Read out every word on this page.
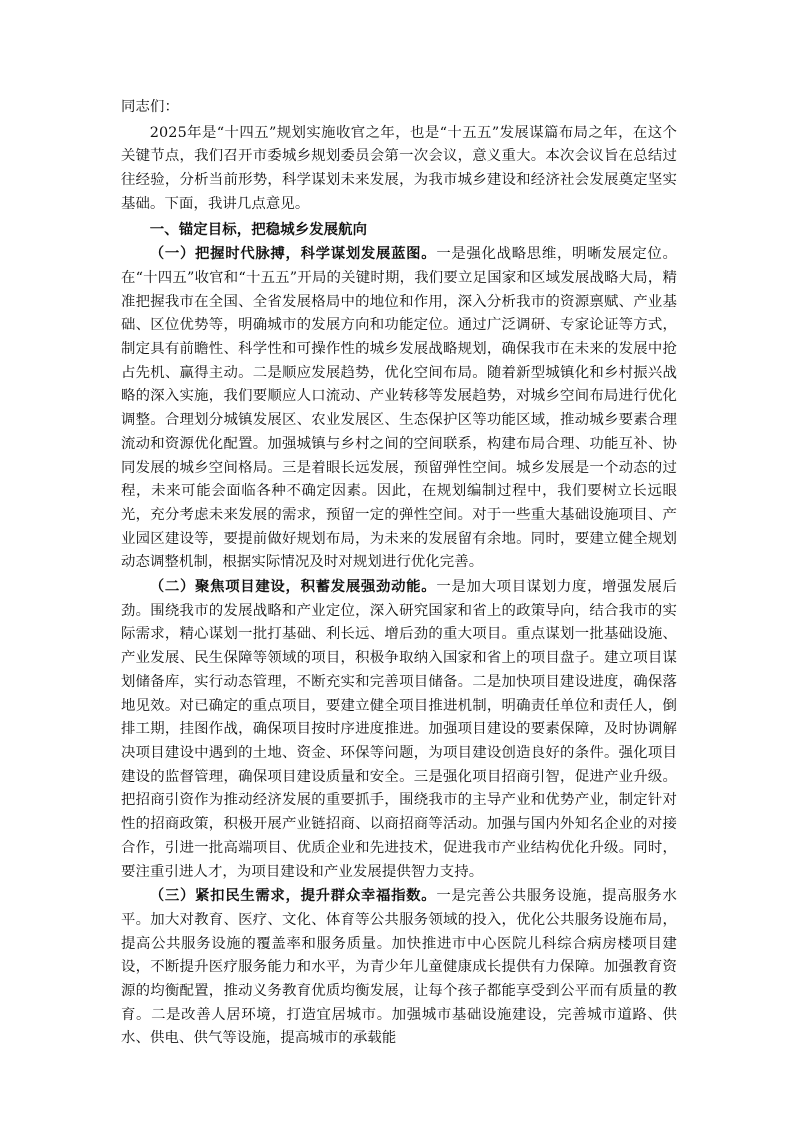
同志们：

2025年是“十四五”规划实施收官之年，也是“十五五”发展谋篇布局之年，在这个关键节点，我们召开市委城乡规划委员会第一次会议，意义重大。本次会议旨在总结过往经验，分析当前形势，科学谋划未来发展，为我市城乡建设和经济社会发展奠定坚实基础。下面，我讲几点意见。

一、锚定目标，把稳城乡发展航向

（一）把握时代脉搏，科学谋划发展蓝图。一是强化战略思维，明晰发展定位。在“十四五”收官和“十五五”开局的关键时期，我们要立足国家和区域发展战略大局，精准把握我市在全国、全省发展格局中的地位和作用，深入分析我市的资源禀赋、产业基础、区位优势等，明确城市的发展方向和功能定位。通过广泛调研、专家论证等方式，制定具有前瞻性、科学性和可操作性的城乡发展战略规划，确保我市在未来的发展中抢占先机、赢得主动。二是顺应发展趋势，优化空间布局。随着新型城镇化和乡村振兴战略的深入实施，我们要顺应人口流动、产业转移等发展趋势，对城乡空间布局进行优化调整。合理划分城镇发展区、农业发展区、生态保护区等功能区域，推动城乡要素合理流动和资源优化配置。加强城镇与乡村之间的空间联系，构建布局合理、功能互补、协同发展的城乡空间格局。三是着眼长远发展，预留弹性空间。城乡发展是一个动态的过程，未来可能会面临各种不确定因素。因此，在规划编制过程中，我们要树立长远眼光，充分考虑未来发展的需求，预留一定的弹性空间。对于一些重大基础设施项目、产业园区建设等，要提前做好规划布局，为未来的发展留有余地。同时，要建立健全规划动态调整机制，根据实际情况及时对规划进行优化完善。

（二）聚焦项目建设，积蓄发展强劲动能。一是加大项目谋划力度，增强发展后劲。围绕我市的发展战略和产业定位，深入研究国家和省上的政策导向，结合我市的实际需求，精心谋划一批打基础、利长远、增后劲的重大项目。重点谋划一批基础设施、产业发展、民生保障等领域的项目，积极争取纳入国家和省上的项目盘子。建立项目谋划储备库，实行动态管理，不断充实和完善项目储备。二是加快项目建设进度，确保落地见效。对已确定的重点项目，要建立健全项目推进机制，明确责任单位和责任人，倒排工期，挂图作战，确保项目按时序进度推进。加强项目建设的要素保障，及时协调解决项目建设中遇到的土地、资金、环保等问题，为项目建设创造良好的条件。强化项目建设的监督管理，确保项目建设质量和安全。三是强化项目招商引智，促进产业升级。把招商引资作为推动经济发展的重要抓手，围绕我市的主导产业和优势产业，制定针对性的招商政策，积极开展产业链招商、以商招商等活动。加强与国内外知名企业的对接合作，引进一批高端项目、优质企业和先进技术，促进我市产业结构优化升级。同时，要注重引进人才，为项目建设和产业发展提供智力支持。

（三）紧扣民生需求，提升群众幸福指数。一是完善公共服务设施，提高服务水平。加大对教育、医疗、文化、体育等公共服务领域的投入，优化公共服务设施布局，提高公共服务设施的覆盖率和服务质量。加快推进市中心医院儿科综合病房楼项目建设，不断提升医疗服务能力和水平，为青少年儿童健康成长提供有力保障。加强教育资源的均衡配置，推动义务教育优质均衡发展，让每个孩子都能享受到公平而有质量的教育。二是改善人居环境，打造宜居城市。加强城市基础设施建设，完善城市道路、供水、供电、供气等设施，提高城市的承载能
